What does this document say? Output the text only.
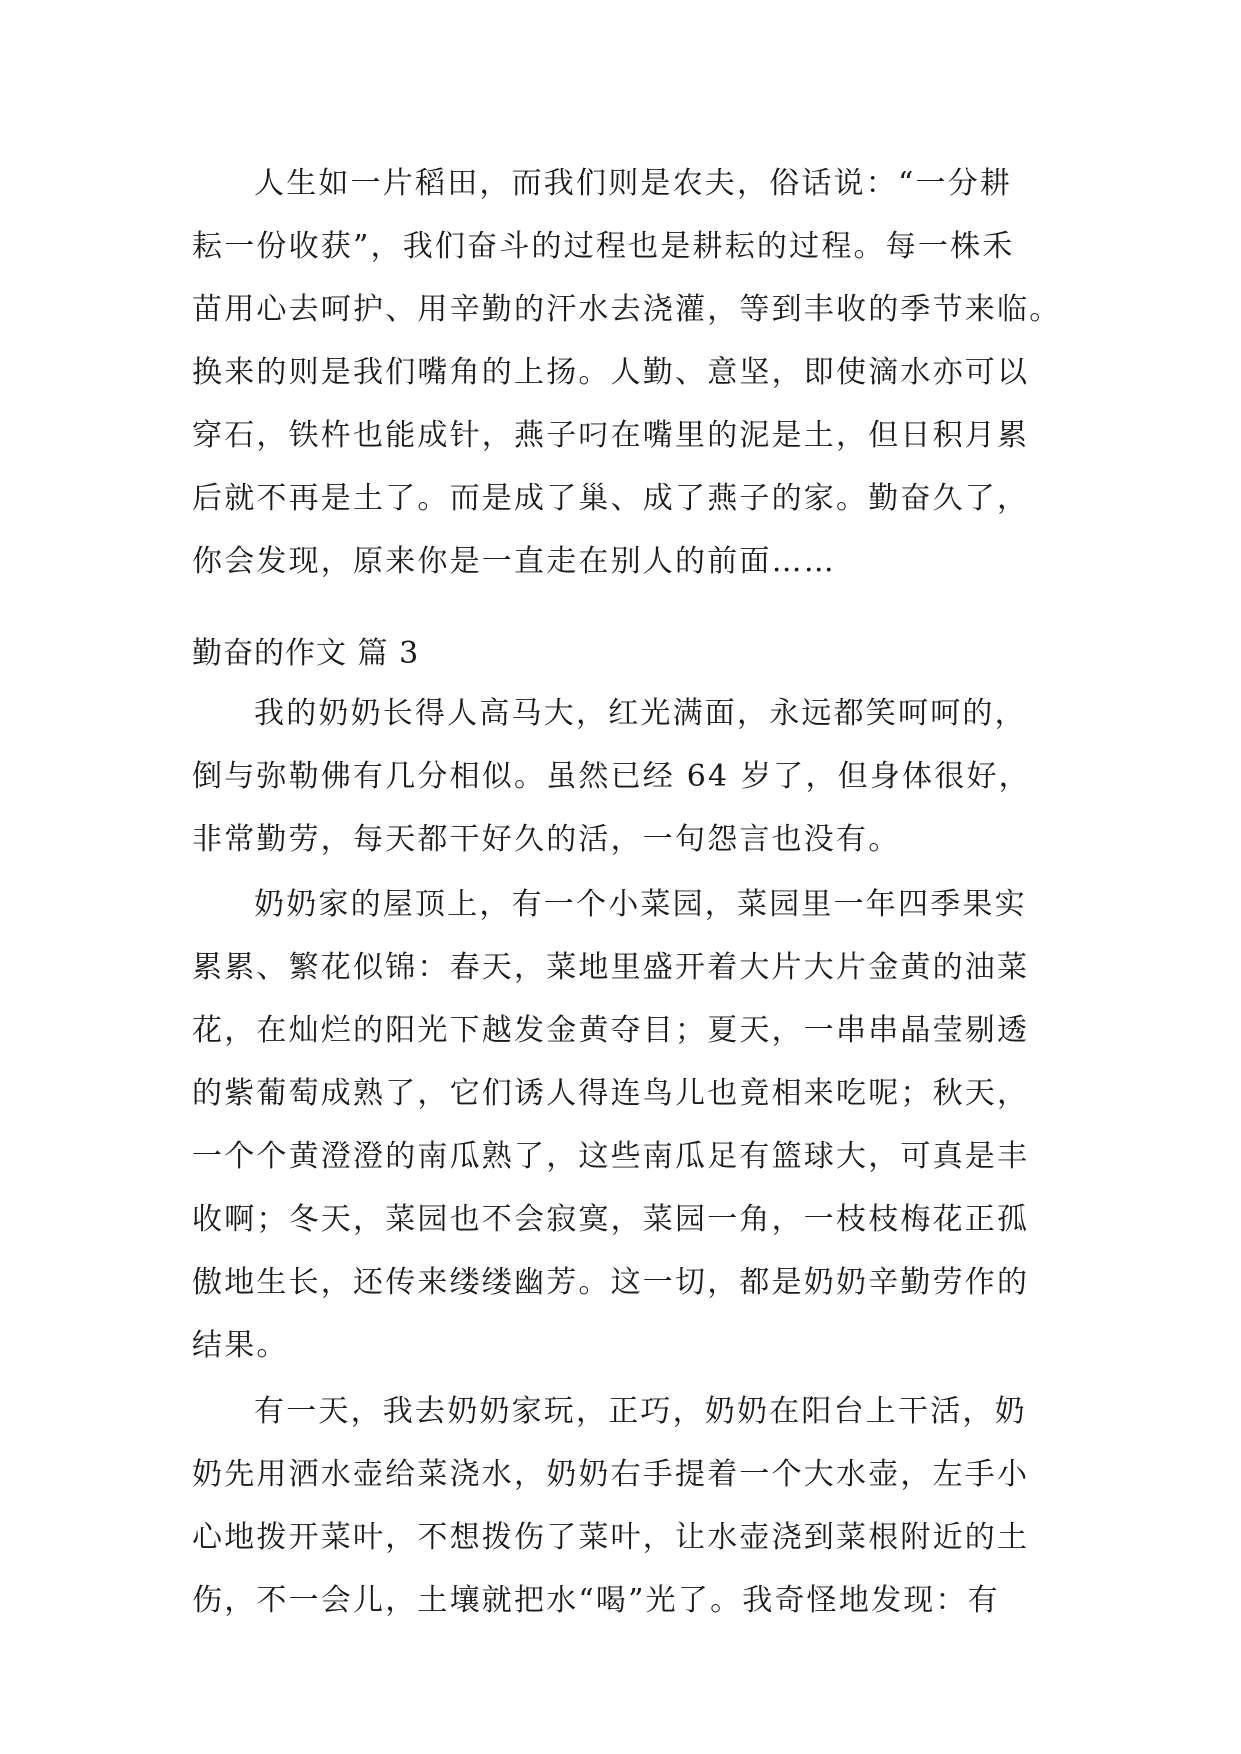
人生如一片稻田，而我们则是农夫，俗话说：“一分耕
耘一份收获”，我们奋斗的过程也是耕耘的过程。每一株禾
苗用心去呵护、用辛勤的汗水去浇灌，等到丰收的季节来临。
换来的则是我们嘴角的上扬。人勤、意坚，即使滴水亦可以
穿石，铁杵也能成针，燕子叼在嘴里的泥是土，但日积月累
后就不再是土了。而是成了巢、成了燕子的家。勤奋久了，
你会发现，原来你是一直走在别人的前面……
勤奋的作文 篇 3
我的奶奶长得人高马大，红光满面，永远都笑呵呵的，
倒与弥勒佛有几分相似。虽然已经 64 岁了，但身体很好，
非常勤劳，每天都干好久的活，一句怨言也没有。
奶奶家的屋顶上，有一个小菜园，菜园里一年四季果实
累累、繁花似锦：春天，菜地里盛开着大片大片金黄的油菜
花，在灿烂的阳光下越发金黄夺目；夏天，一串串晶莹剔透
的紫葡萄成熟了，它们诱人得连鸟儿也竟相来吃呢；秋天，
一个个黄澄澄的南瓜熟了，这些南瓜足有篮球大，可真是丰
收啊；冬天，菜园也不会寂寞，菜园一角，一枝枝梅花正孤
傲地生长，还传来缕缕幽芳。这一切，都是奶奶辛勤劳作的
结果。
有一天，我去奶奶家玩，正巧，奶奶在阳台上干活，奶
奶先用洒水壶给菜浇水，奶奶右手提着一个大水壶，左手小
心地拨开菜叶，不想拨伤了菜叶，让水壶浇到菜根附近的土
伤，不一会儿，土壤就把水“喝”光了。我奇怪地发现：有
